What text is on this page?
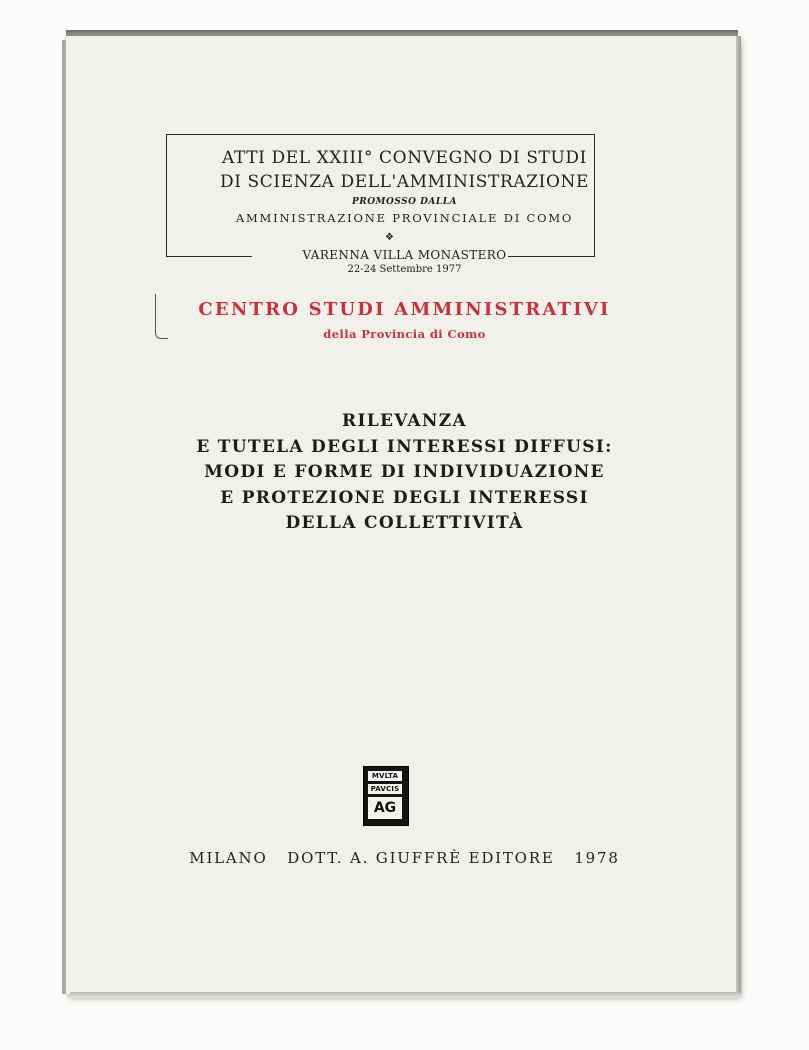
ATTI DEL XXIII° CONVEGNO DI STUDI
DI SCIENZA DELL'AMMINISTRAZIONE
PROMOSSO DALLA
AMMINISTRAZIONE PROVINCIALE DI COMO
❖
VARENNA VILLA MONASTERO
22-24 Settembre 1977
CENTRO STUDI AMMINISTRATIVI
della Provincia di Como
RILEVANZA
E TUTELA DEGLI INTERESSI DIFFUSI:
MODI E FORME DI INDIVIDUAZIONE
E PROTEZIONE DEGLI INTERESSI
DELLA COLLETTIVITÀ
MVLTA
PAVCIS
AG
MILANO   DOTT. A. GIUFFRÈ EDITORE   1978
